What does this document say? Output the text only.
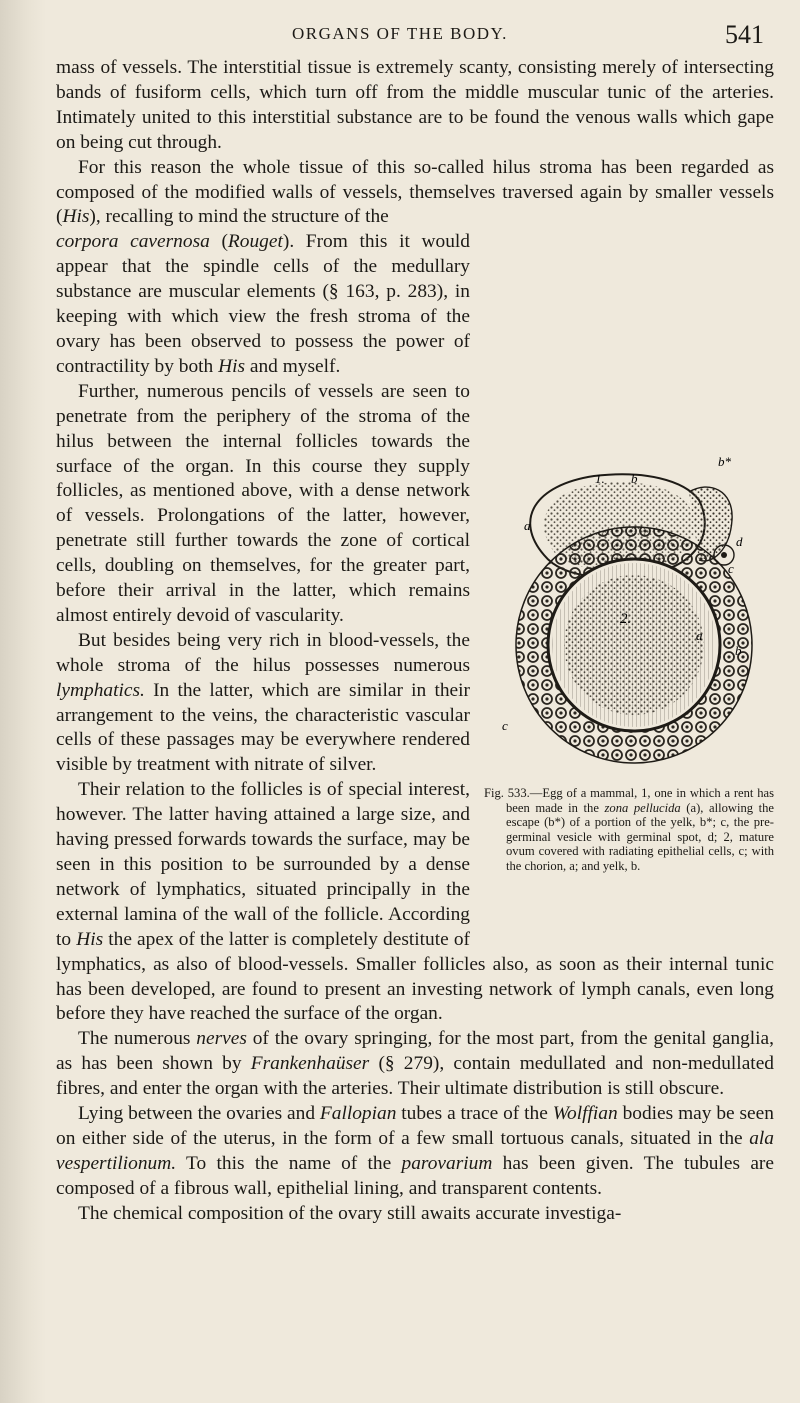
ORGANS OF THE BODY.	541

mass of vessels. The interstitial tissue is extremely scanty, consisting merely of intersecting bands of fusiform cells, which turn off from the middle muscular tunic of the arteries. Intimately united to this interstitial substance are to be found the venous walls which gape on being cut through.

For this reason the whole tissue of this so-called hilus stroma has been regarded as composed of the modified walls of vessels, themselves traversed again by smaller vessels (His), recalling to mind the structure of the

1. b
b*
a
d
c
2.
a
b
c
Fig. 533.—Egg of a mammal, 1, one in which a rent has been made in the zona pellucida (a), allowing the escape (b*) of a portion of the yelk, b*; c, the pre-germinal vesicle with germinal spot, d; 2, mature ovum covered with radiating epithelial cells, c; with the chorion, a; and yelk, b.
corpora cavernosa (Rouget). From this it would appear that the spindle cells of the medullary substance are muscular elements (§ 163, p. 283), in keeping with which view the fresh stroma of the ovary has been observed to possess the power of contractility by both His and myself.

Further, numerous pencils of vessels are seen to penetrate from the periphery of the stroma of the hilus between the internal follicles towards the surface of the organ. In this course they supply follicles, as mentioned above, with a dense network of vessels. Prolongations of the latter, however, penetrate still further towards the zone of cortical cells, doubling on themselves, for the greater part, before their arrival in the latter, which remains almost entirely devoid of vascularity.

But besides being very rich in blood-vessels, the whole stroma of the hilus possesses numerous lymphatics. In the latter, which are similar in their arrangement to the veins, the characteristic vascular cells of these passages may be everywhere rendered visible by treatment with nitrate of silver.

Their relation to the follicles is of special interest, however. The latter having attained a large size, and having pressed forwards towards the surface, may be seen in this position to be surrounded by a dense network of lymphatics, situated principally in the external lamina of the wall of the follicle. According to His the apex of the latter is completely destitute of lymphatics, as also of blood-vessels. Smaller follicles also, as soon as their internal tunic has been developed, are found to present an investing network of lymph canals, even long before they have reached the surface of the organ.

The numerous nerves of the ovary springing, for the most part, from the genital ganglia, as has been shown by Frankenhaüser (§ 279), contain medullated and non-medullated fibres, and enter the organ with the arteries. Their ultimate distribution is still obscure.

Lying between the ovaries and Fallopian tubes a trace of the Wolffian bodies may be seen on either side of the uterus, in the form of a few small tortuous canals, situated in the ala vespertilionum. To this the name of the parovarium has been given. The tubules are composed of a fibrous wall, epithelial lining, and transparent contents.

The chemical composition of the ovary still awaits accurate investiga-
